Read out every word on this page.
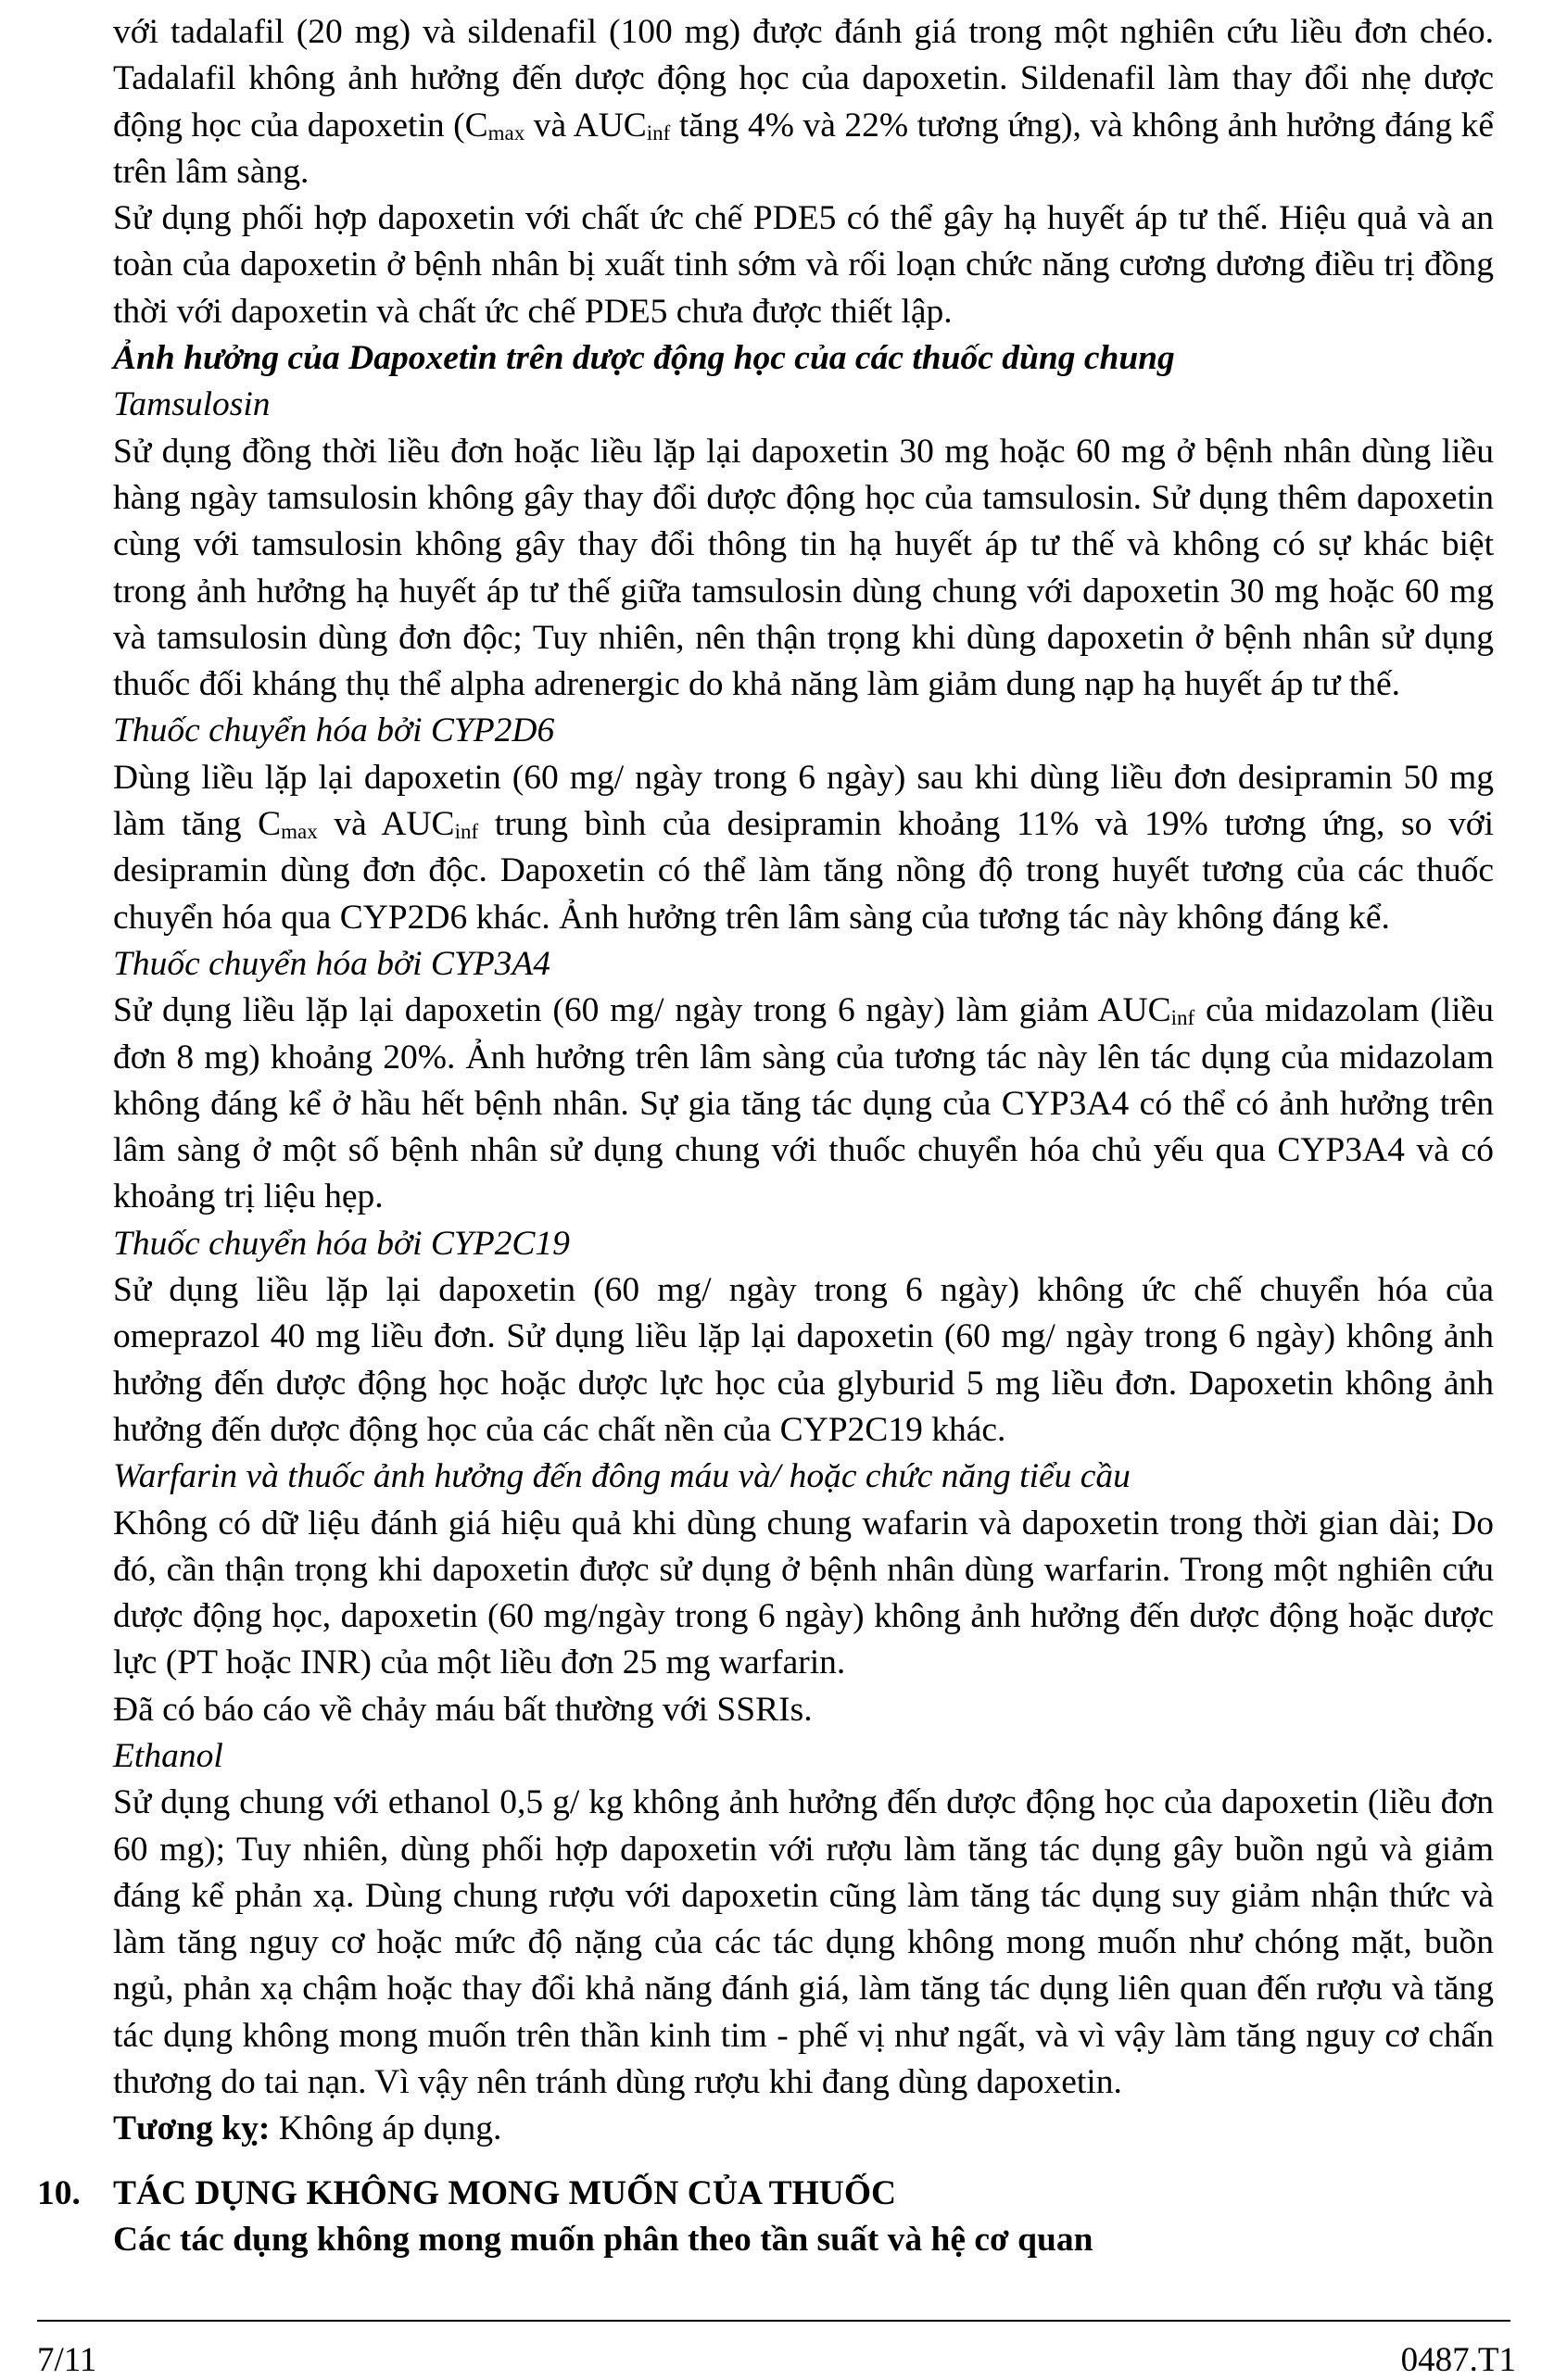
với tadalafil (20 mg) và sildenafil (100 mg) được đánh giá trong một nghiên cứu liều đơn chéo. Tadalafil không ảnh hưởng đến dược động học của dapoxetin. Sildenafil làm thay đổi nhẹ dược động học của dapoxetin ($C_{max}$ và $AUC_{inf}$ tăng 4% và 22% tương ứng), và không ảnh hưởng đáng kể trên lâm sàng.

Sử dụng phối hợp dapoxetin với chất ức chế PDE5 có thể gây hạ huyết áp tư thế. Hiệu quả và an toàn của dapoxetin ở bệnh nhân bị xuất tinh sớm và rối loạn chức năng cương dương điều trị đồng thời với dapoxetin và chất ức chế PDE5 chưa được thiết lập.

Ảnh hưởng của Dapoxetin trên dược động học của các thuốc dùng chung

Tamsulosin

Sử dụng đồng thời liều đơn hoặc liều lặp lại dapoxetin 30 mg hoặc 60 mg ở bệnh nhân dùng liều hàng ngày tamsulosin không gây thay đổi dược động học của tamsulosin. Sử dụng thêm dapoxetin cùng với tamsulosin không gây thay đổi thông tin hạ huyết áp tư thế và không có sự khác biệt trong ảnh hưởng hạ huyết áp tư thế giữa tamsulosin dùng chung với dapoxetin 30 mg hoặc 60 mg và tamsulosin dùng đơn độc; Tuy nhiên, nên thận trọng khi dùng dapoxetin ở bệnh nhân sử dụng thuốc đối kháng thụ thể alpha adrenergic do khả năng làm giảm dung nạp hạ huyết áp tư thế.

Thuốc chuyển hóa bởi CYP2D6

Dùng liều lặp lại dapoxetin (60 mg/ ngày trong 6 ngày) sau khi dùng liều đơn desipramin 50 mg làm tăng $C_{max}$ và $AUC_{inf}$ trung bình của desipramin khoảng 11% và 19% tương ứng, so với desipramin dùng đơn độc. Dapoxetin có thể làm tăng nồng độ trong huyết tương của các thuốc chuyển hóa qua CYP2D6 khác. Ảnh hưởng trên lâm sàng của tương tác này không đáng kể.

Thuốc chuyển hóa bởi CYP3A4

Sử dụng liều lặp lại dapoxetin (60 mg/ ngày trong 6 ngày) làm giảm $AUC_{inf}$ của midazolam (liều đơn 8 mg) khoảng 20%. Ảnh hưởng trên lâm sàng của tương tác này lên tác dụng của midazolam không đáng kể ở hầu hết bệnh nhân. Sự gia tăng tác dụng của CYP3A4 có thể có ảnh hưởng trên lâm sàng ở một số bệnh nhân sử dụng chung với thuốc chuyển hóa chủ yếu qua CYP3A4 và có khoảng trị liệu hẹp.

Thuốc chuyển hóa bởi CYP2C19

Sử dụng liều lặp lại dapoxetin (60 mg/ ngày trong 6 ngày) không ức chế chuyển hóa của omeprazol 40 mg liều đơn. Sử dụng liều lặp lại dapoxetin (60 mg/ ngày trong 6 ngày) không ảnh hưởng đến dược động học hoặc dược lực học của glyburid 5 mg liều đơn. Dapoxetin không ảnh hưởng đến dược động học của các chất nền của CYP2C19 khác.

Warfarin và thuốc ảnh hưởng đến đông máu và/ hoặc chức năng tiểu cầu

Không có dữ liệu đánh giá hiệu quả khi dùng chung wafarin và dapoxetin trong thời gian dài; Do đó, cần thận trọng khi dapoxetin được sử dụng ở bệnh nhân dùng warfarin. Trong một nghiên cứu dược động học, dapoxetin (60 mg/ngày trong 6 ngày) không ảnh hưởng đến dược động hoặc dược lực (PT hoặc INR) của một liều đơn 25 mg warfarin.

Đã có báo cáo về chảy máu bất thường với SSRIs.

Ethanol

Sử dụng chung với ethanol 0,5 g/ kg không ảnh hưởng đến dược động học của dapoxetin (liều đơn 60 mg); Tuy nhiên, dùng phối hợp dapoxetin với rượu làm tăng tác dụng gây buồn ngủ và giảm đáng kể phản xạ. Dùng chung rượu với dapoxetin cũng làm tăng tác dụng suy giảm nhận thức và làm tăng nguy cơ hoặc mức độ nặng của các tác dụng không mong muốn như chóng mặt, buồn ngủ, phản xạ chậm hoặc thay đổi khả năng đánh giá, làm tăng tác dụng liên quan đến rượu và tăng tác dụng không mong muốn trên thần kinh tim - phế vị như ngất, và vì vậy làm tăng nguy cơ chấn thương do tai nạn. Vì vậy nên tránh dùng rượu khi đang dùng dapoxetin.

Tương kỵ: Không áp dụng.

10. TÁC DỤNG KHÔNG MONG MUỐN CỦA THUỐC
Các tác dụng không mong muốn phân theo tần suất và hệ cơ quan
7/11	0487.T1
